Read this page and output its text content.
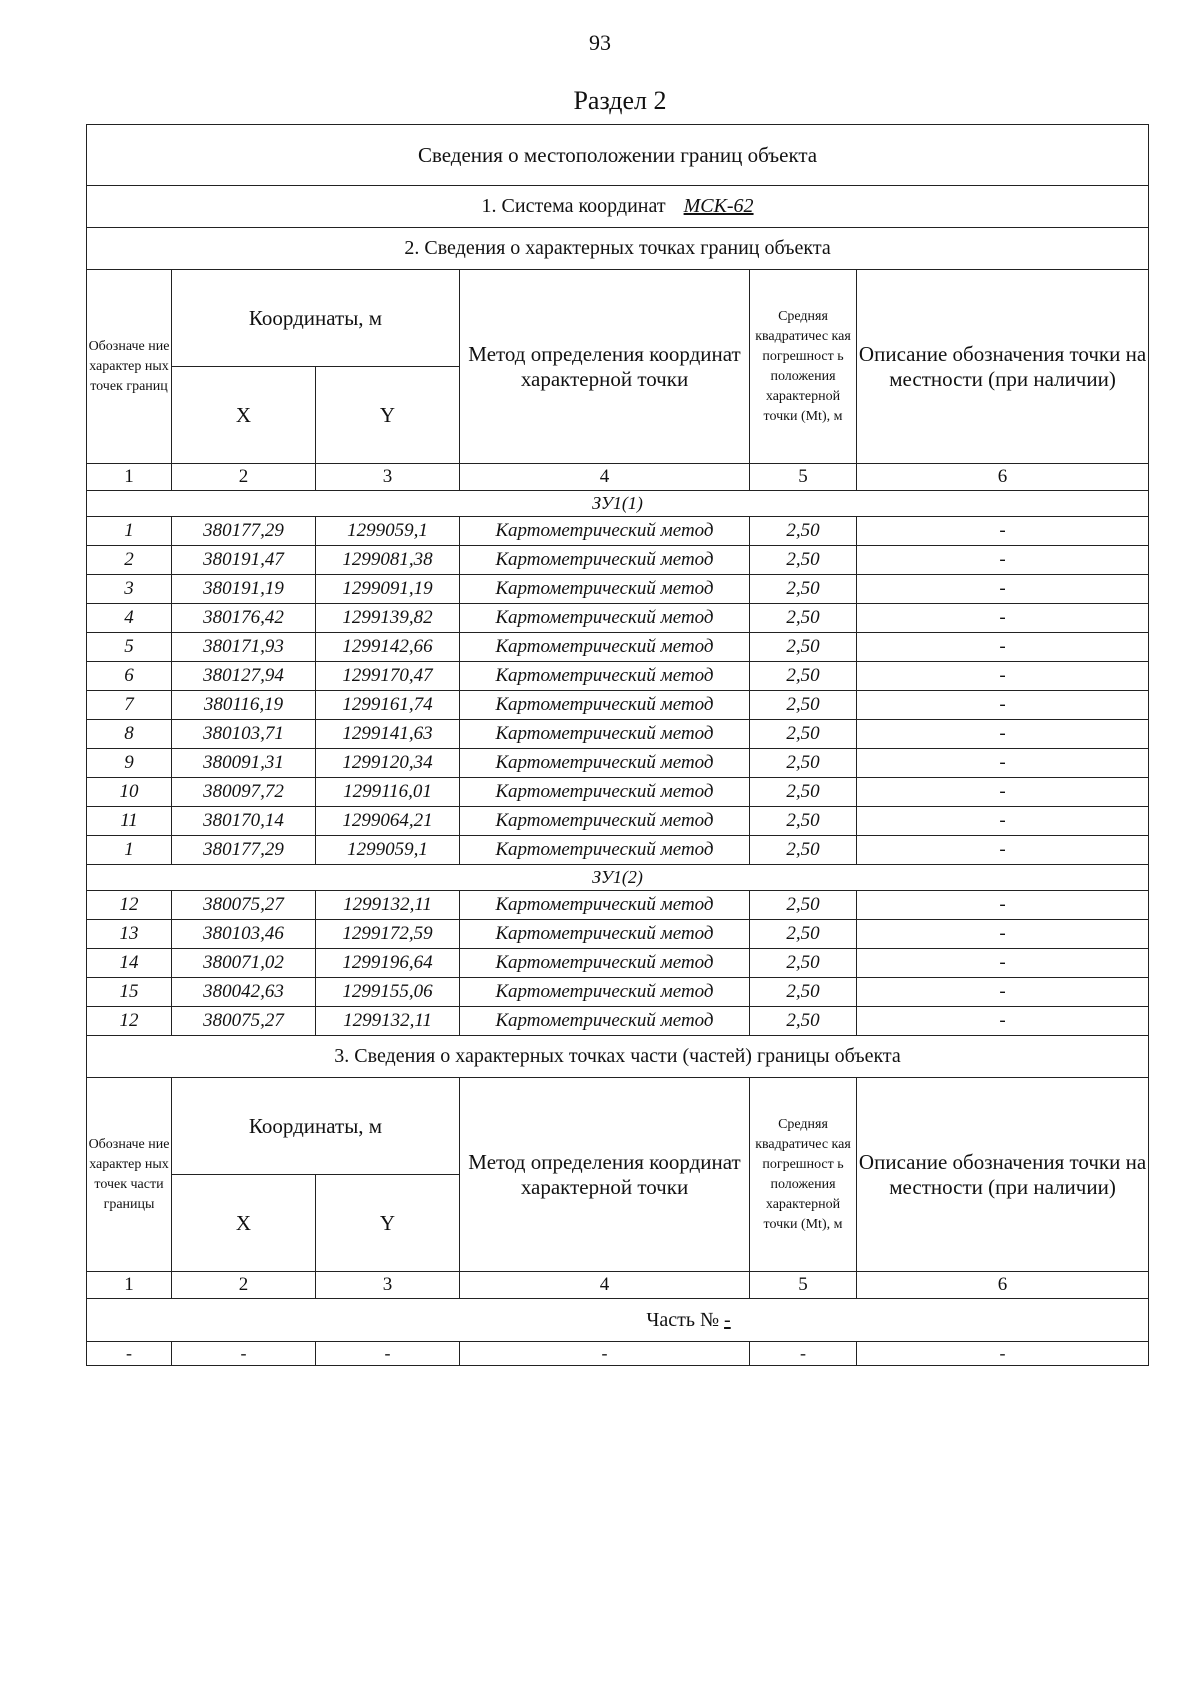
93
Раздел 2
Сведения о местоположении границ объекта					
1. Система координат МСК-62					
2. Сведения о характерных точках границ объекта					
Обозначе ние характер ных точек границ	Координаты, м		Метод определения координат характерной точки	Средняя квадратичес кая погрешност ь положения характерной точки (Mt), м	Описание обозначения точки на местности (при наличии)
	X	Y			
1	2	3	4	5	6
ЗУ1(1)					
1	380177,29	1299059,1	Картометрический метод	2,50	-
2	380191,47	1299081,38	Картометрический метод	2,50	-
3	380191,19	1299091,19	Картометрический метод	2,50	-
4	380176,42	1299139,82	Картометрический метод	2,50	-
5	380171,93	1299142,66	Картометрический метод	2,50	-
6	380127,94	1299170,47	Картометрический метод	2,50	-
7	380116,19	1299161,74	Картометрический метод	2,50	-
8	380103,71	1299141,63	Картометрический метод	2,50	-
9	380091,31	1299120,34	Картометрический метод	2,50	-
10	380097,72	1299116,01	Картометрический метод	2,50	-
11	380170,14	1299064,21	Картометрический метод	2,50	-
1	380177,29	1299059,1	Картометрический метод	2,50	-
ЗУ1(2)					
12	380075,27	1299132,11	Картометрический метод	2,50	-
13	380103,46	1299172,59	Картометрический метод	2,50	-
14	380071,02	1299196,64	Картометрический метод	2,50	-
15	380042,63	1299155,06	Картометрический метод	2,50	-
12	380075,27	1299132,11	Картометрический метод	2,50	-
3. Сведения о характерных точках части (частей) границы объекта					
Обозначе ние характер ных точек части границы	Координаты, м		Метод определения координат характерной точки	Средняя квадратичес кая погрешност ь положения характерной точки (Mt), м	Описание обозначения точки на местности (при наличии)
	X	Y			
1	2	3	4	5	6
Часть № -					
-	-	-	-	-	-
